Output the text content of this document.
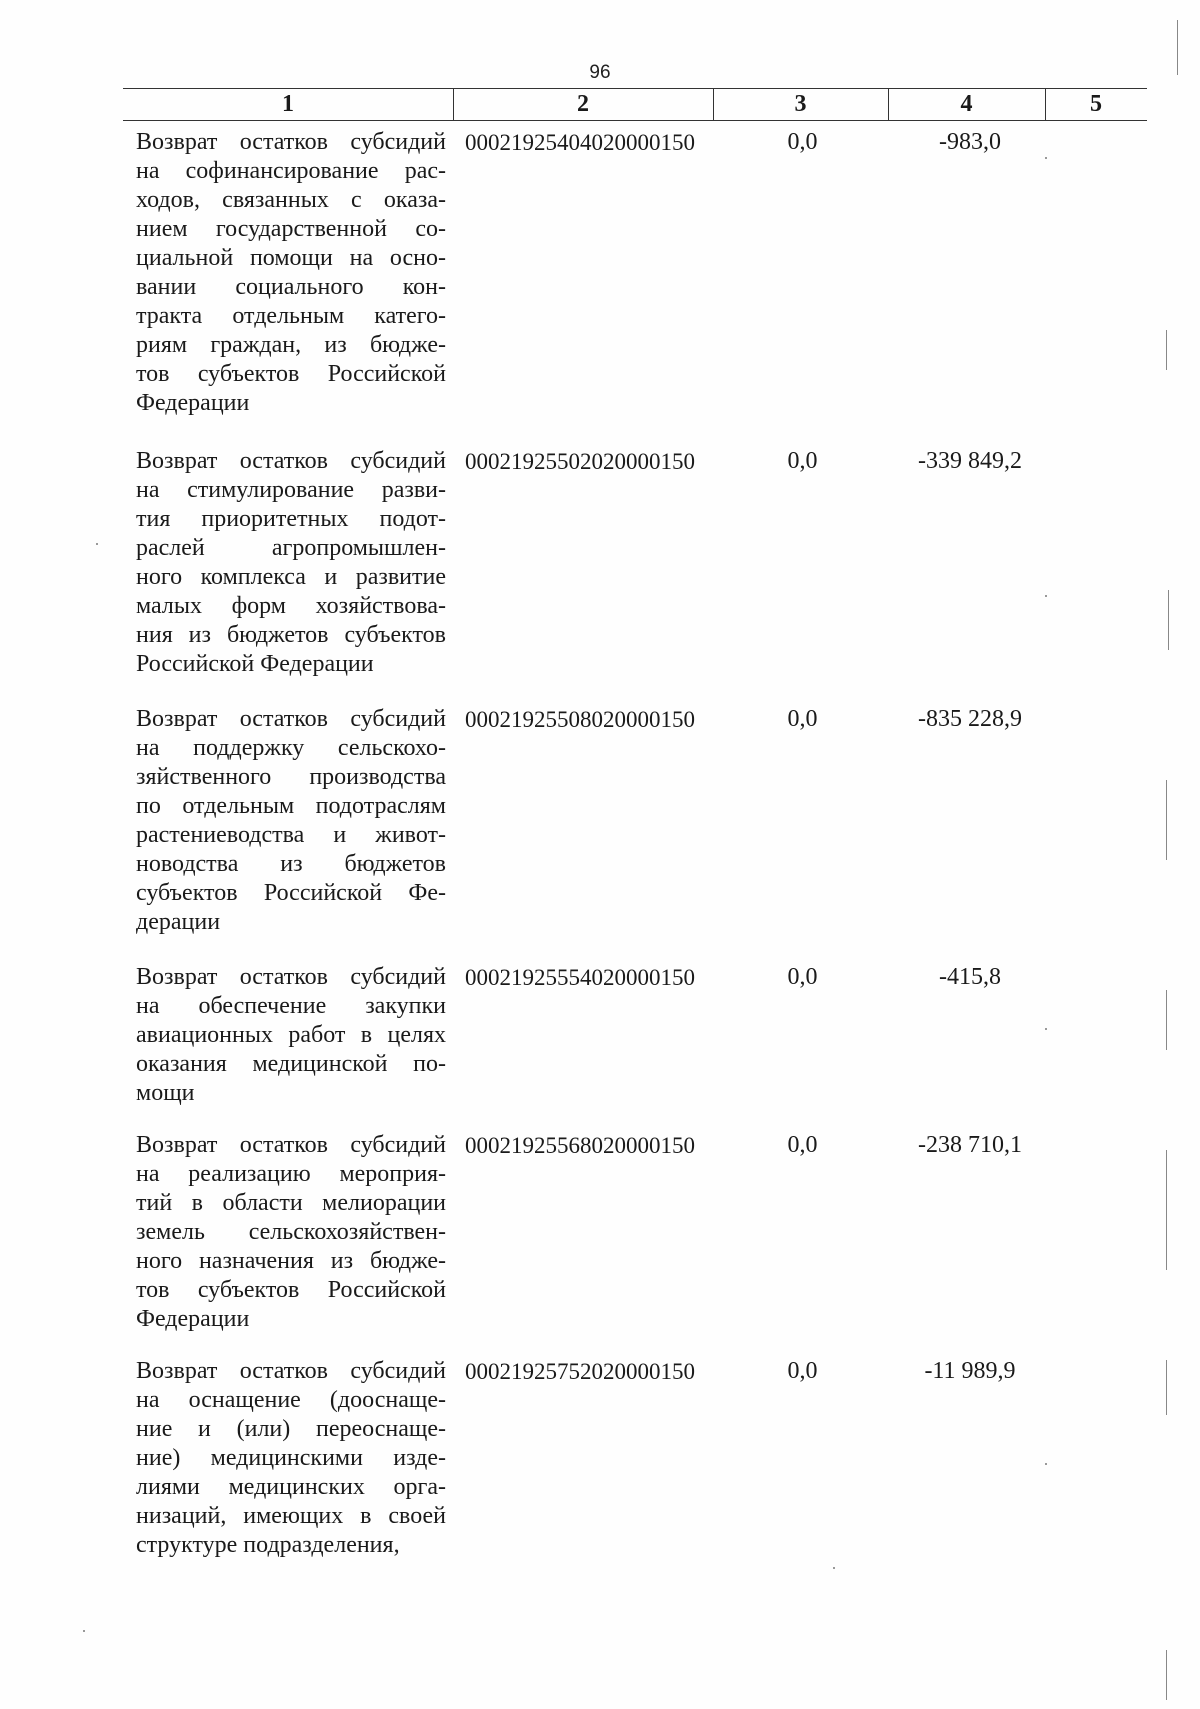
96
1	2	3	4	5
Возврат остатков субсидий
на софинансирование рас-
ходов, связанных с оказа-
нием государственной со-
циальной помощи на осно-
вании социального кон-
тракта отдельным катего-
риям граждан, из бюдже-
тов субъектов Российской
Федерации
00021925404020000150	0,0	-983,0
Возврат остатков субсидий
на стимулирование разви-
тия приоритетных подот-
раслей агропромышлен-
ного комплекса и развитие
малых форм хозяйствова-
ния из бюджетов субъектов
Российской Федерации
00021925502020000150	0,0	-339 849,2
Возврат остатков субсидий
на поддержку сельскохо-
зяйственного производства
по отдельным подотраслям
растениеводства и живот-
новодства из бюджетов
субъектов Российской Фе-
дерации
00021925508020000150	0,0	-835 228,9
Возврат остатков субсидий
на обеспечение закупки
авиационных работ в целях
оказания медицинской по-
мощи
00021925554020000150	0,0	-415,8
Возврат остатков субсидий
на реализацию мероприя-
тий в области мелиорации
земель сельскохозяйствен-
ного назначения из бюдже-
тов субъектов Российской
Федерации
00021925568020000150	0,0	-238 710,1
Возврат остатков субсидий
на оснащение (дооснаще-
ние и (или) переоснаще-
ние) медицинскими изде-
лиями медицинских орга-
низаций, имеющих в своей
структуре подразделения,
00021925752020000150	0,0	-11 989,9
